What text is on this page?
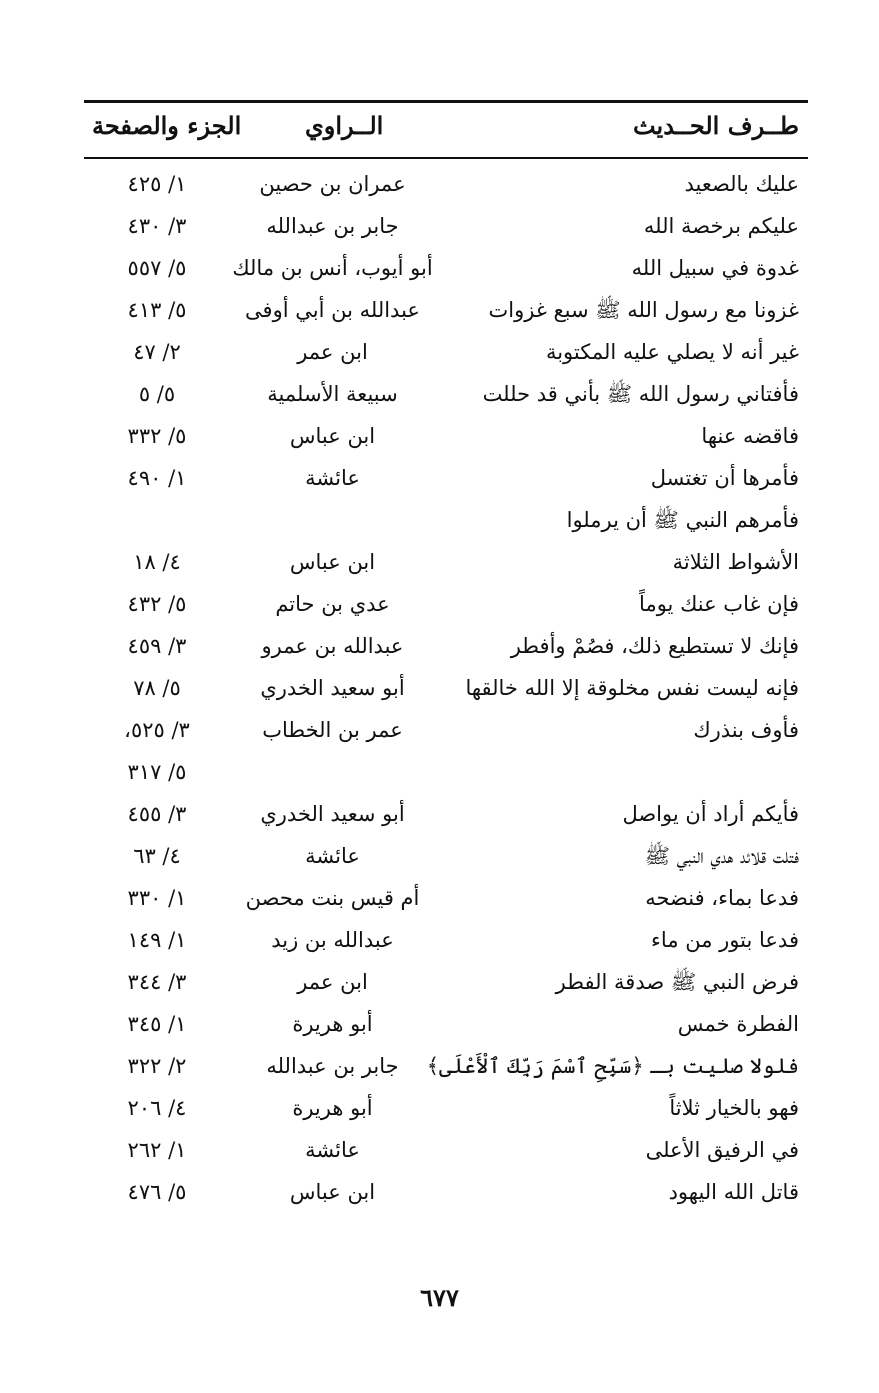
طــرف الحــديث
الــراوي
الجزء والصفحة
عليك بالصعيد
عمران بن حصين
١/ ٤٢٥
عليكم برخصة الله
جابر بن عبدالله
٣/ ٤٣٠
غدوة في سبيل الله
أبو أيوب، أنس بن مالك
٥/ ٥٥٧
غزونا مع رسول الله ﷺ سبع غزوات
عبدالله بن أبي أوفى
٥/ ٤١٣
غير أنه لا يصلي عليه المكتوبة
ابن عمر
٢/ ٤٧
فأفتاني رسول الله ﷺ بأني قد حللت
سبيعة الأسلمية
٥/ ٥
فاقضه عنها
ابن عباس
٥/ ٣٣٢
فأمرها أن تغتسل
عائشة
١/ ٤٩٠
فأمرهم النبي ﷺ أن يرملوا الأشواط الثلاثة
ابن عباس
٤/ ١٨
فإن غاب عنك يوماً
عدي بن حاتم
٥/ ٤٣٢
فإنك لا تستطيع ذلك، فصُمْ وأفطر
عبدالله بن عمرو
٣/ ٤٥٩
فإنه ليست نفس مخلوقة إلا الله خالقها
أبو سعيد الخدري
٥/ ٧٨
فأوف بنذرك
عمر بن الخطاب
٣/ ٥٢٥،
٥/ ٣١٧
فأيكم أراد أن يواصل
أبو سعيد الخدري
٣/ ٤٥٥
فتلت قلائد هدي النبي ﷺ
عائشة
٤/ ٦٣
فدعا بماء، فنضحه
أم قيس بنت محصن
١/ ٣٣٠
فدعا بتور من ماء
عبدالله بن زيد
١/ ١٤٩
فرض النبي ﷺ صدقة الفطر
ابن عمر
٣/ ٣٤٤
الفطرة خمس
أبو هريرة
١/ ٣٤٥
فلولا صليت بـ ﴿سَبِّحِ ٱسْمَ رَبِّكَ ٱلْأَعْلَى﴾
جابر بن عبدالله
٢/ ٣٢٢
فهو بالخيار ثلاثاً
أبو هريرة
٤/ ٢٠٦
في الرفيق الأعلى
عائشة
١/ ٢٦٢
قاتل الله اليهود
ابن عباس
٥/ ٤٧٦
٦٧٧
